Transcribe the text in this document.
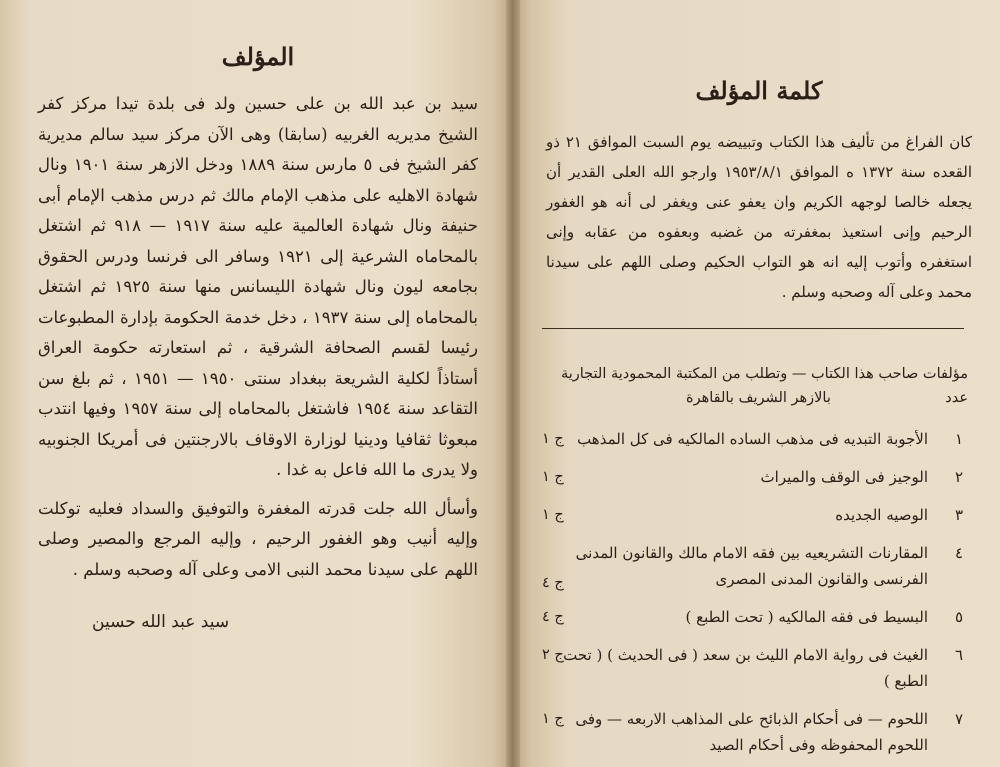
المؤلف

سيد بن عبد الله بن على حسين ولد فى بلدة تيدا مركز كفر الشيخ مديريه الغربيه (سابقا) وهى الآن مركز سيد سالم مديرية كفر الشيخ فى ٥ مارس سنة ١٨٨٩ ودخل الازهر سنة ١٩٠١ ونال شهادة الاهليه على مذهب الإمام مالك ثم درس مذهب الإمام أبى حنيفة ونال شهادة العالمية عليه سنة ١٩١٧ — ٩١٨ ثم اشتغل بالمحاماه الشرعية إلى ١٩٢١ وسافر الى فرنسا ودرس الحقوق بجامعه ليون ونال شهادة الليسانس منها سنة ١٩٢٥ ثم اشتغل بالمحاماه إلى سنة ١٩٣٧ ، دخل خدمة الحكومة بإدارة المطبوعات رئيسا لقسم الصحافة الشرقية ، ثم استعارته حكومة العراق أستاذاً لكلية الشريعة ببغداد سنتى ١٩٥٠ — ١٩٥١ ، ثم بلغ سن التقاعد سنة ١٩٥٤ فاشتغل بالمحاماه إلى سنة ١٩٥٧ وفيها انتدب مبعوثا ثقافيا ودينيا لوزارة الاوقاف بالارجنتين فى أمريكا الجنوبيه ولا يدرى ما الله فاعل به غدا .

وأسأل الله جلت قدرته المغفرة والتوفيق والسداد فعليه توكلت وإليه أنيب وهو الغفور الرحيم ، وإليه المرجع والمصير وصلى اللهم على سيدنا محمد النبى الامى وعلى آله وصحبه وسلم .

سيد عبد الله حسين
كلمة المؤلف

كان الفراغ من تأليف هذا الكتاب وتبييضه يوم السبت الموافق ٢١ ذو القعده سنة ١٣٧٢ ه الموافق ١٩٥٣/٨/١ وارجو الله العلى القدير أن يجعله خالصا لوجهه الكريم وان يعفو عنى ويغفر لى أنه هو الغفور الرحيم وإنى استعيذ بمغفرته من غضبه وبعفوه من عقابه وإنى استغفره وأتوب إليه انه هو التواب الحكيم وصلى اللهم على سيدنا محمد وعلى آله وصحبه وسلم .

مؤلفات صاحب هذا الكتاب — وتطلب من المكتبة المحمودية التجارية
عدد
بالازهر الشريف بالقاهرة
١
الأجوبة التبديه فى مذهب الساده المالكيه فى كل المذهب
ج ١
٢
الوجيز فى الوقف والميراث
ج ١
٣
الوصيه الجديده
ج ١
٤
المقارنات التشريعيه بين فقه الامام مالك والقانون المدنى الفرنسى والقانون المدنى المصرى
ج ٤
٥
البسيط فى فقه المالكيه ( تحت الطبع )
ج ٤
٦
الغيث فى رواية الامام الليث بن سعد ( فى الحديث ) ( تحت الطبع )
ج ٢
٧
اللحوم — فى أحكام الذبائح على المذاهب الاربعه — وفى اللحوم المحفوظه وفى أحكام الصيد
ج ١
